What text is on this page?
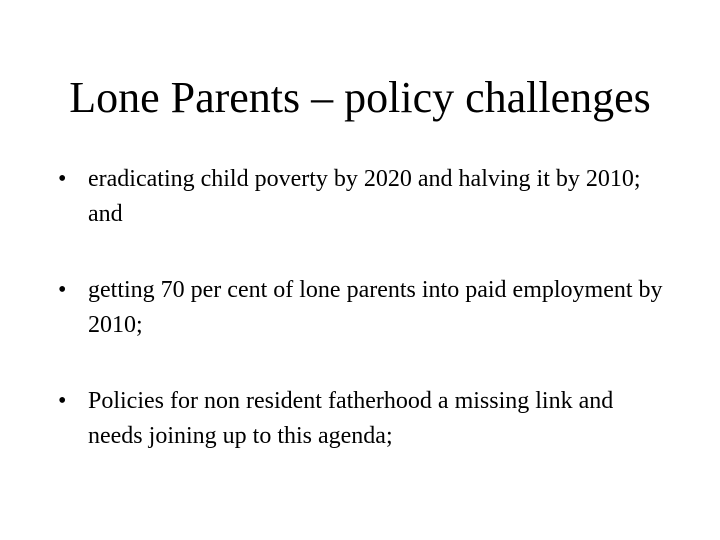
Lone Parents – policy challenges
• eradicating child poverty by 2020 and halving it by 2010; and
• getting 70 per cent of lone parents into paid employment by 2010;
• Policies for non resident fatherhood a missing link and needs joining up to this agenda;
